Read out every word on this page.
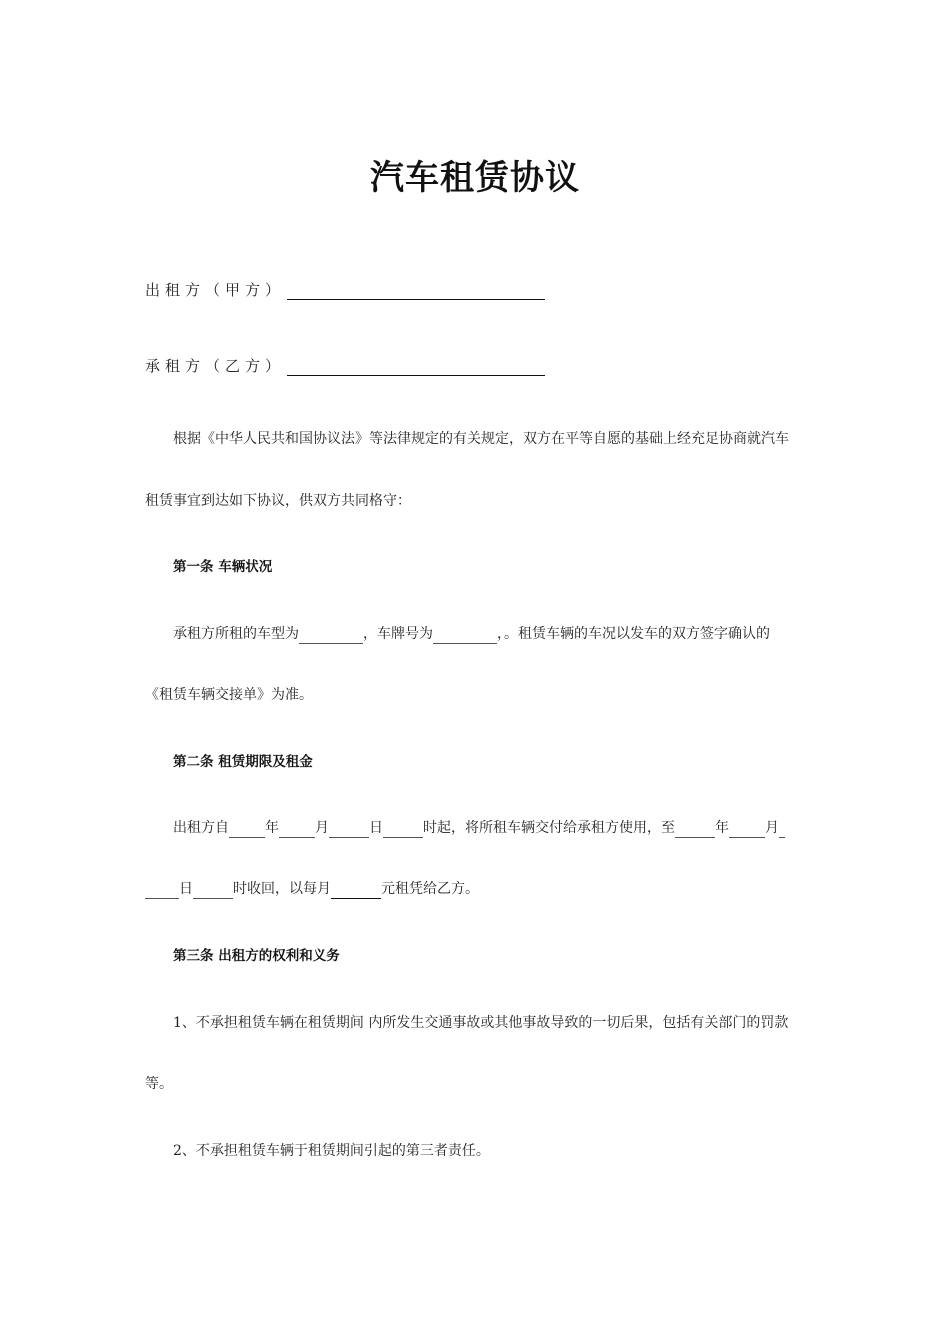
汽车租赁协议
出租方（甲方）
承租方（乙方）
根据《中华人民共和国协议法》等法律规定的有关规定，双方在平等自愿的基础上经充足协商就汽车
租赁事宜到达如下协议，供双方共同格守：
第一条 车辆状况
承租方所租的车型为	，车牌号为	，。租赁车辆的车况以发车的双方签字确认的
《租赁车辆交接单》为准。
第二条 租赁期限及租金
出租方自	年	月	日	时起，将所租车辆交付给承租方使用，至	年	月
日	时收回，以每月	元租凭给乙方。
第三条 出租方的权利和义务
1、不承担租赁车辆在租赁期间 内所发生交通事故或其他事故导致的一切后果，包括有关部门的罚款
等。
2、不承担租赁车辆于租赁期间引起的第三者责任。
